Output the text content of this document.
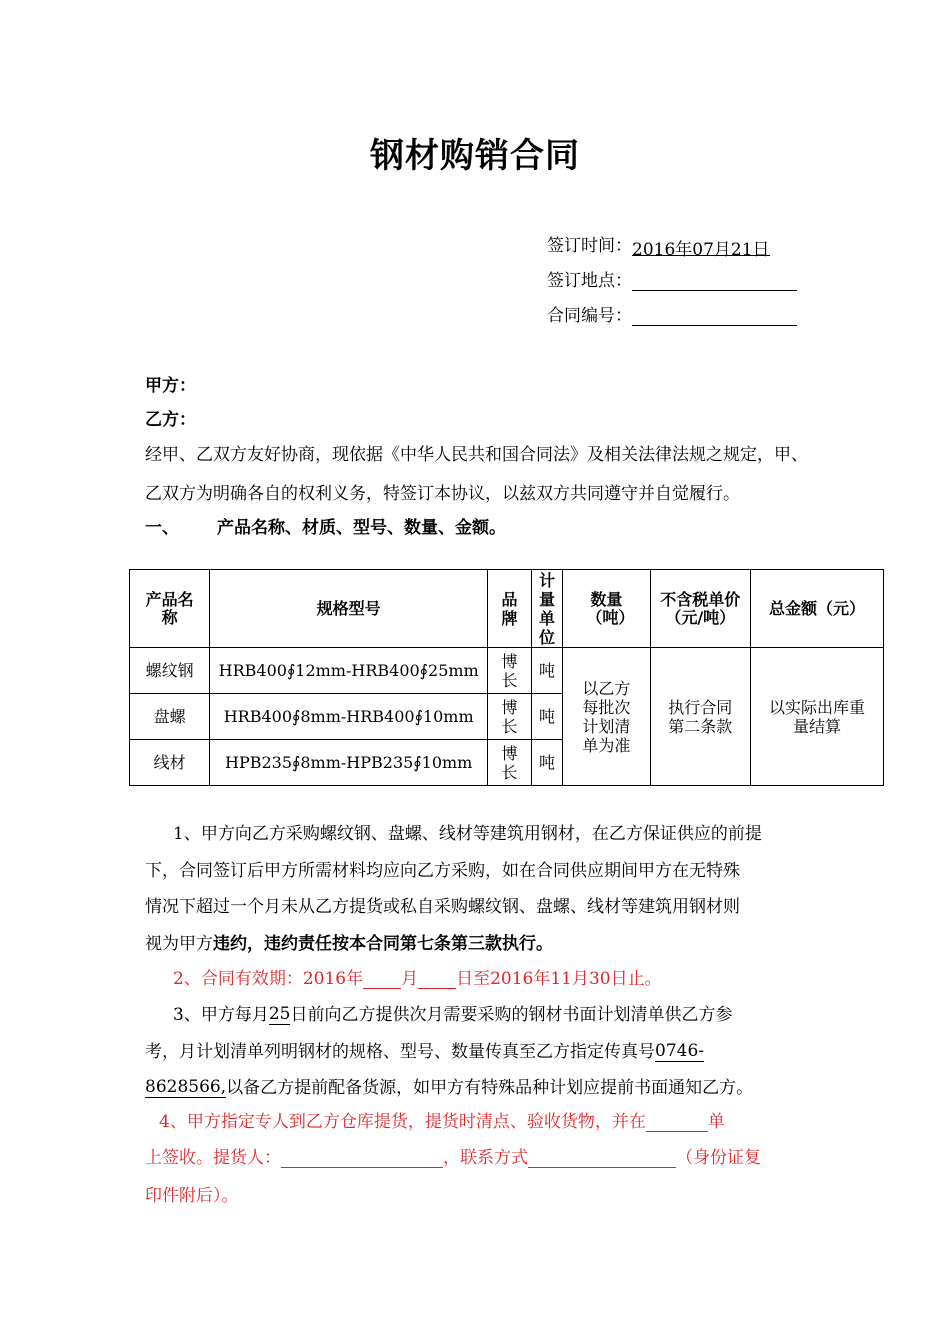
钢材购销合同
签订时间：2016年07月21日
签订地点：
合同编号：
甲方：
乙方：
经甲、乙双方友好协商，现依据《中华人民共和国合同法》及相关法律法规之规定，甲、
乙双方为明确各自的权利义务，特签订本协议，以兹双方共同遵守并自觉履行。
一、 产品名称、材质、型号、数量、金额。
产品名称	规格型号	品牌	计量单位	数量（吨）	不含税单价（元/吨）	总金额（元）
螺纹钢	HRB400∮12mm-HRB400∮25mm	博长	吨	以乙方每批次计划清单为准	执行合同第二条款	以实际出库重量结算
盘螺	HRB400∮8mm-HRB400∮10mm	博长	吨			
线材	HPB235∮8mm-HPB235∮10mm	博长	吨			
1、甲方向乙方采购螺纹钢、盘螺、线材等建筑用钢材，在乙方保证供应的前提
下，合同签订后甲方所需材料均应向乙方采购，如在合同供应期间甲方在无特殊
情况下超过一个月未从乙方提货或私自采购螺纹钢、盘螺、线材等建筑用钢材则
视为甲方违约，违约责任按本合同第七条第三款执行。
2、合同有效期：2016年 月 日至2016年11月30日止。
3、甲方每月25日前向乙方提供次月需要采购的钢材书面计划清单供乙方参
考，月计划清单列明钢材的规格、型号、数量传真至乙方指定传真号0746-
8628566,以备乙方提前配备货源，如甲方有特殊品种计划应提前书面通知乙方。
4、甲方指定专人到乙方仓库提货，提货时清点、验收货物，并在	单
上签收。提货人：	，联系方式	（身份证复
印件附后）。
